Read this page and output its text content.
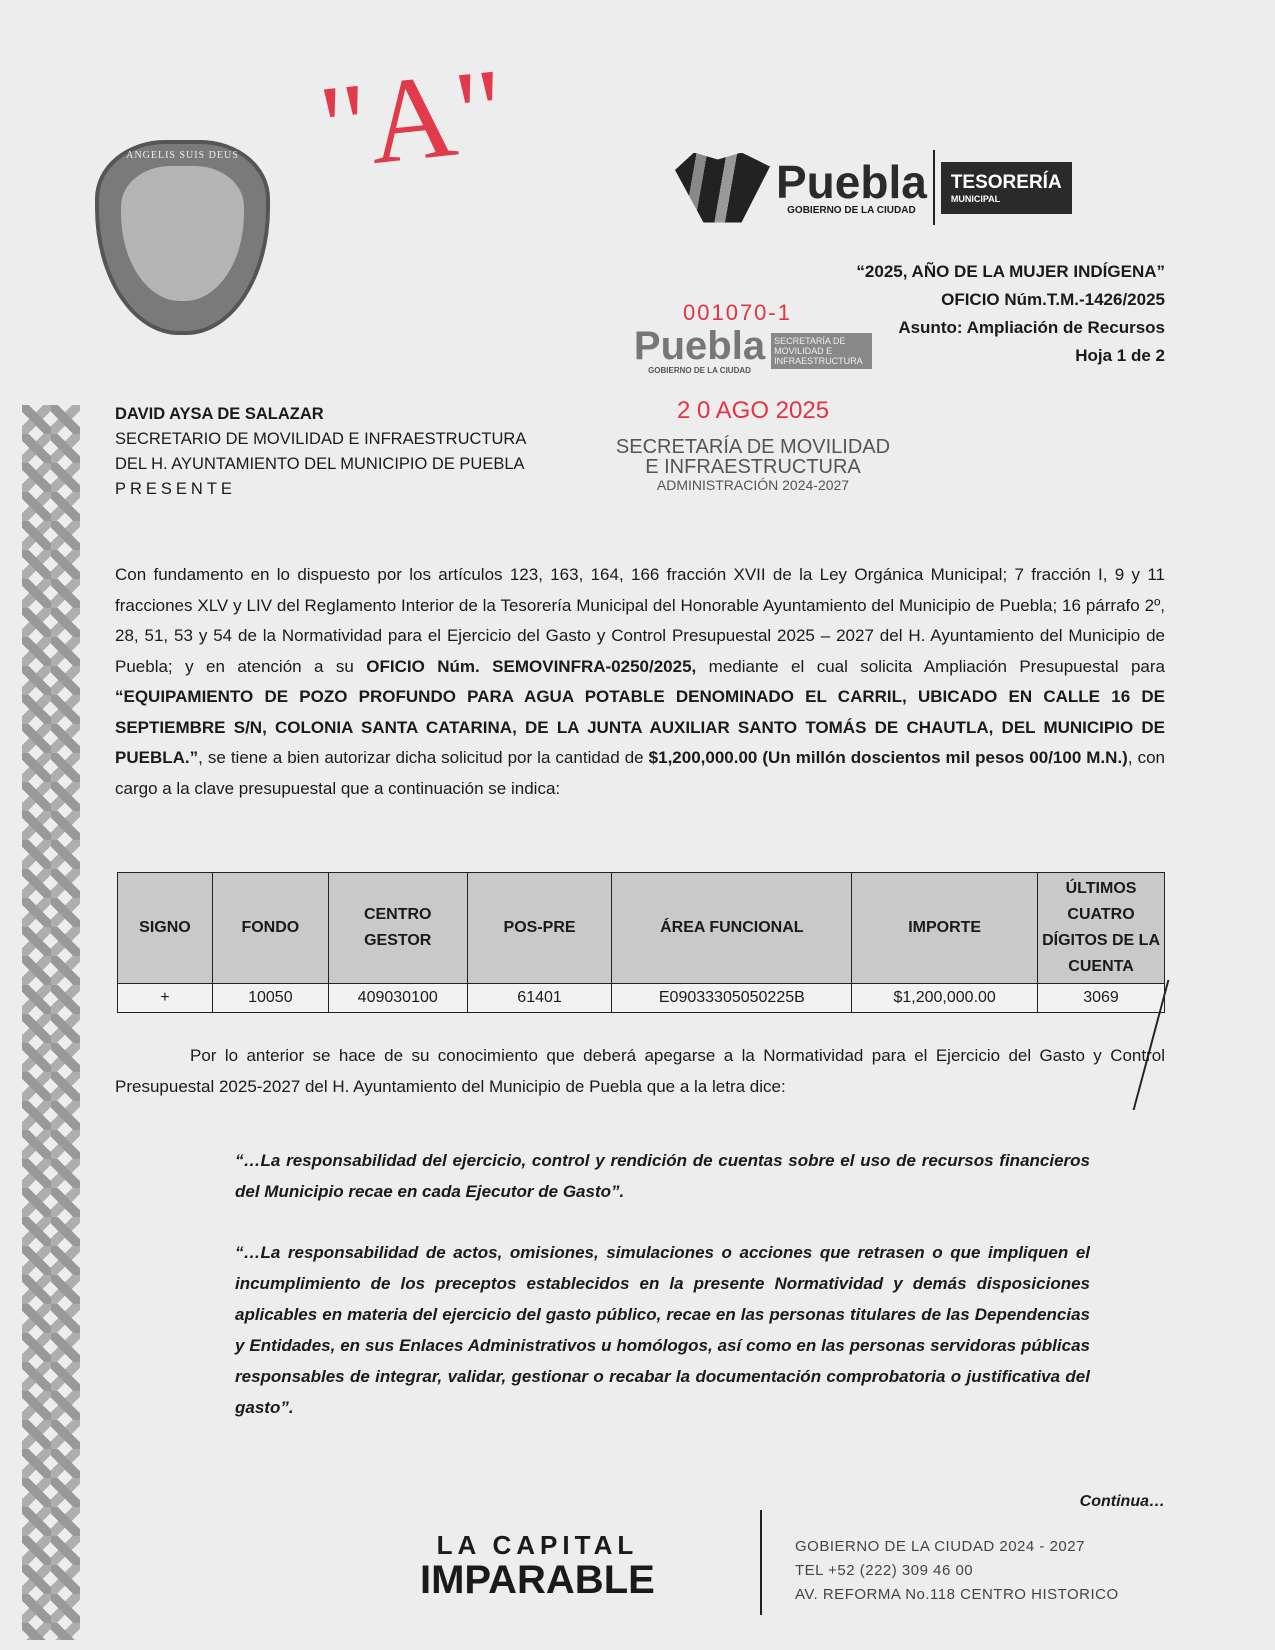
ANGELIS SUIS DEUS "A"	Puebla
GOBIERNO DE LA CIUDAD
TESORERÍA
MUNICIPAL
“2025, AÑO DE LA MUJER INDÍGENA”
OFICIO Núm.T.M.-1426/2025
Asunto: Ampliación de Recursos
Hoja 1 de 2
001070-1
Puebla
GOBIERNO DE LA CIUDAD
SECRETARÍA DE MOVILIDAD E INFRAESTRUCTURA
2 0 AGO 2025
SECRETARÍA DE MOVILIDAD
E INFRAESTRUCTURA
ADMINISTRACIÓN 2024-2027
DAVID AYSA DE SALAZAR
SECRETARIO DE MOVILIDAD E INFRAESTRUCTURA
DEL H. AYUNTAMIENTO DEL MUNICIPIO DE PUEBLA
PRESENTE
Con fundamento en lo dispuesto por los artículos 123, 163, 164, 166 fracción XVII de la Ley Orgánica Municipal; 7 fracción I, 9 y 11 fracciones XLV y LIV del Reglamento Interior de la Tesorería Municipal del Honorable Ayuntamiento del Municipio de Puebla; 16 párrafo 2º, 28, 51, 53 y 54 de la Normatividad para el Ejercicio del Gasto y Control Presupuestal 2025 – 2027 del H. Ayuntamiento del Municipio de Puebla; y en atención a su OFICIO Núm. SEMOVINFRA-0250/2025, mediante el cual solicita Ampliación Presupuestal para “EQUIPAMIENTO DE POZO PROFUNDO PARA AGUA POTABLE DENOMINADO EL CARRIL, UBICADO EN CALLE 16 DE SEPTIEMBRE S/N, COLONIA SANTA CATARINA, DE LA JUNTA AUXILIAR SANTO TOMÁS DE CHAUTLA, DEL MUNICIPIO DE PUEBLA.”, se tiene a bien autorizar dicha solicitud por la cantidad de $1,200,000.00 (Un millón doscientos mil pesos 00/100 M.N.), con cargo a la clave presupuestal que a continuación se indica:
SIGNO	FONDO	CENTRO GESTOR	POS-PRE	ÁREA FUNCIONAL	IMPORTE	ÚLTIMOS CUATRO DÍGITOS DE LA CUENTA
+	10050	409030100	61401	E09033305050225B	$1,200,000.00	3069
Por lo anterior se hace de su conocimiento que deberá apegarse a la Normatividad para el Ejercicio del Gasto y Control Presupuestal 2025-2027 del H. Ayuntamiento del Municipio de Puebla que a la letra dice:
“…La responsabilidad del ejercicio, control y rendición de cuentas sobre el uso de recursos financieros del Municipio recae en cada Ejecutor de Gasto”.
“…La responsabilidad de actos, omisiones, simulaciones o acciones que retrasen o que impliquen el incumplimiento de los preceptos establecidos en la presente Normatividad y demás disposiciones aplicables en materia del ejercicio del gasto público, recae en las personas titulares de las Dependencias y Entidades, en sus Enlaces Administrativos u homólogos, así como en las personas servidoras públicas responsables de integrar, validar, gestionar o recabar la documentación comprobatoria o justificativa del gasto”.
Continua…
LA CAPITAL
IMPARABLE
GOBIERNO DE LA CIUDAD 2024 - 2027
TEL +52 (222) 309 46 00
AV. REFORMA No.118 CENTRO HISTORICO
